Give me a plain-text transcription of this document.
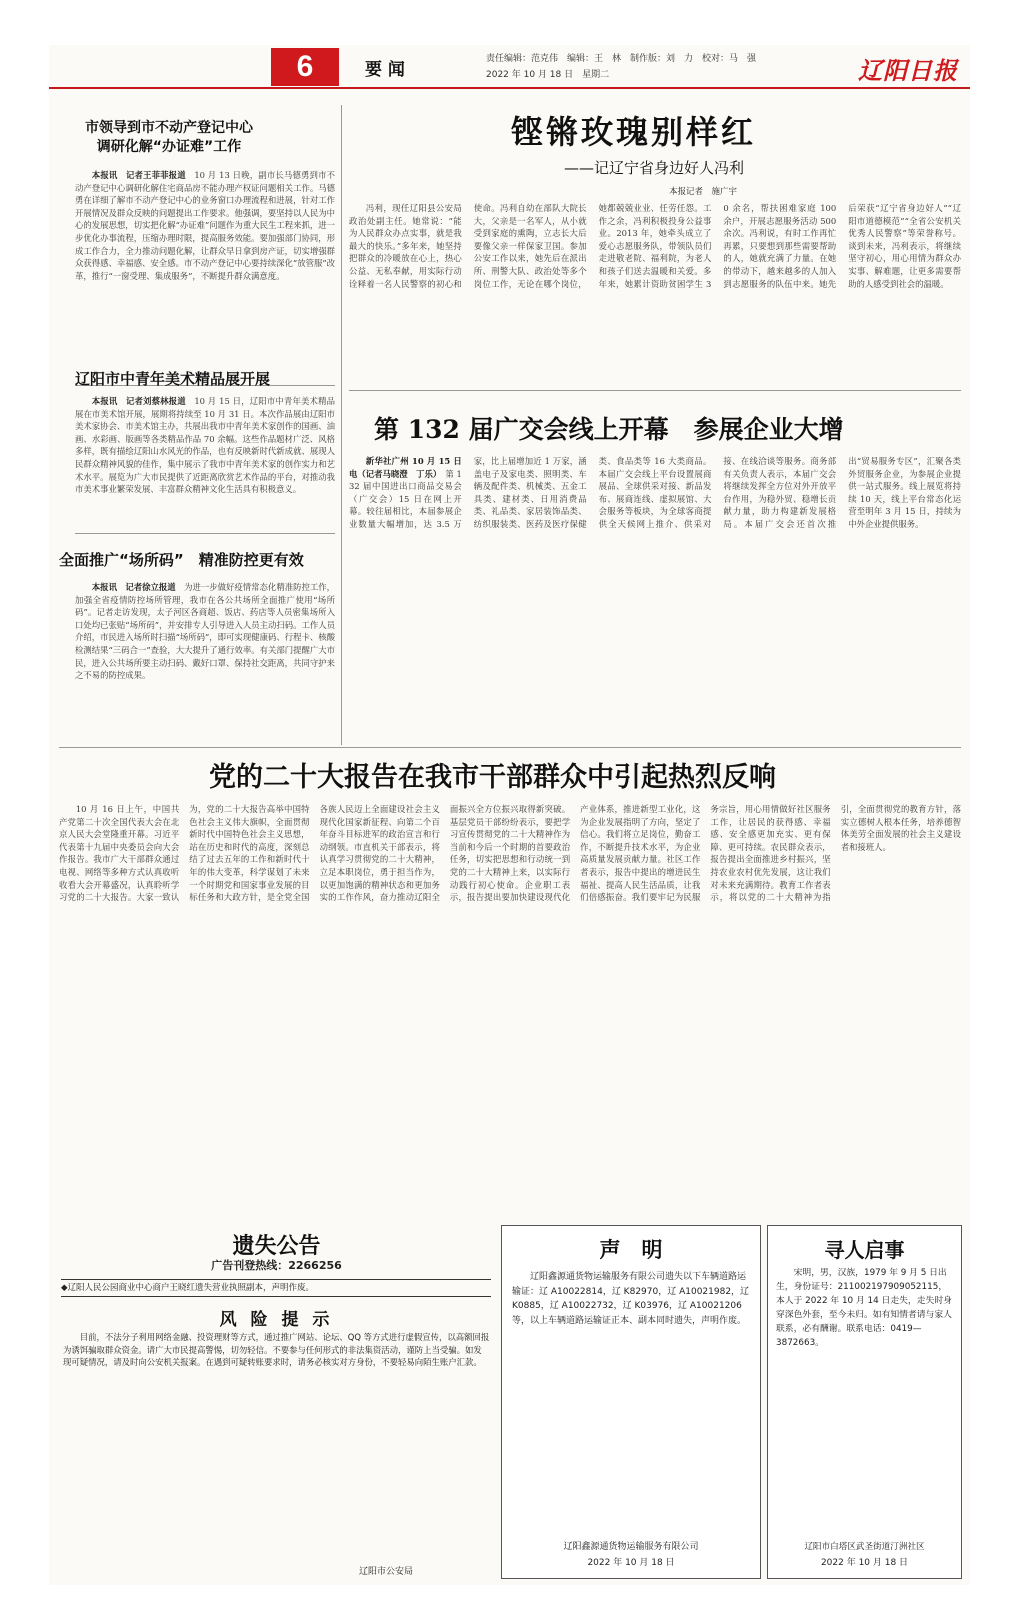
6	要 闻
责任编辑：范克伟　编辑：王　林　制作版：刘　力　校对：马　强
2022 年 10 月 18 日　星期二	辽阳日报
市领导到市不动产登记中心
调研化解“办证难”工作

本报讯　记者王菲菲报道　 10 月 13 日晚，副市长马德勇到市不动产登记中心调研化解住宅商品房不能办理产权证问题相关工作。马德勇在详细了解市不动产登记中心的业务窗口办理流程和进展，针对工作开展情况及群众反映的问题提出工作要求。他强调，要坚持以人民为中心的发展思想，切实把化解“办证难”问题作为重大民生工程来抓，进一步优化办事流程，压缩办理时限，提高服务效能。要加强部门协同，形成工作合力，全力推动问题化解，让群众早日拿到房产证，切实增强群众获得感、幸福感、安全感。市不动产登记中心要持续深化“放管服”改革，推行“一窗受理、集成服务”，不断提升群众满意度。

辽阳市中青年美术精品展开展

本报讯　记者刘蔡林报道　 10 月 15 日，辽阳市中青年美术精品展在市美术馆开展，展期将持续至 10 月 31 日。本次作品展由辽阳市美术家协会、市美术馆主办，共展出我市中青年美术家创作的国画、油画、水彩画、版画等各类精品作品 70 余幅。这些作品题材广泛、风格多样，既有描绘辽阳山水风光的作品，也有反映新时代新成就、展现人民群众精神风貌的佳作，集中展示了我市中青年美术家的创作实力和艺术水平。展览为广大市民提供了近距离欣赏艺术作品的平台，对推动我市美术事业繁荣发展、丰富群众精神文化生活具有积极意义。

全面推广“场所码”　精准防控更有效

本报讯　记者徐立报道　 为进一步做好疫情常态化精准防控工作，加强全省疫情防控场所管理，我市在各公共场所全面推广使用“场所码”。记者走访发现，太子河区各商超、饭店、药店等人员密集场所入口处均已张贴“场所码”，并安排专人引导进入人员主动扫码。工作人员介绍，市民进入场所时扫描“场所码”，即可实现健康码、行程卡、核酸检测结果“三码合一”查验，大大提升了通行效率。有关部门提醒广大市民，进入公共场所要主动扫码、戴好口罩、保持社交距离，共同守护来之不易的防控成果。

铿锵玫瑰别样红
——记辽宁省身边好人冯利
本报记者　施广宇

冯利，现任辽阳县公安局政治处副主任。她常说：“能为人民群众办点实事，就是我最大的快乐。”多年来，她坚持把群众的冷暖放在心上，热心公益、无私奉献，用实际行动诠释着一名人民警察的初心和使命。冯利自幼在部队大院长大，父亲是一名军人，从小就受到家庭的熏陶，立志长大后要像父亲一样保家卫国。参加公安工作以来，她先后在派出所、刑警大队、政治处等多个岗位工作，无论在哪个岗位，她都兢兢业业、任劳任怨。工作之余，冯利积极投身公益事业。2013 年，她牵头成立了爱心志愿服务队，带领队员们走进敬老院、福利院，为老人和孩子们送去温暖和关爱。多年来，她累计资助贫困学生 30 余名，帮扶困难家庭 100 余户，开展志愿服务活动 500 余次。冯利说，有时工作再忙再累，只要想到那些需要帮助的人，她就充满了力量。在她的带动下，越来越多的人加入到志愿服务的队伍中来。她先后荣获“辽宁省身边好人”“辽阳市道德模范”“全省公安机关优秀人民警察”等荣誉称号。谈到未来，冯利表示，将继续坚守初心，用心用情为群众办实事、解难题，让更多需要帮助的人感受到社会的温暖。

第 132 届广交会线上开幕　参展企业大增

新华社广州 10 月 15 日电（记者马晓澄　丁乐）　 第 132 届中国进出口商品交易会（广交会）15 日在网上开幕。较往届相比，本届参展企业数量大幅增加，达 3.5 万家，比上届增加近 1 万家，涵盖电子及家电类、照明类、车辆及配件类、机械类、五金工具类、建材类、日用消费品类、礼品类、家居装饰品类、纺织服装类、医药及医疗保健类、食品类等 16 大类商品。本届广交会线上平台设置展商展品、全球供采对接、新品发布、展商连线、虚拟展馆、大会服务等板块，为全球客商提供全天候网上推介、供采对接、在线洽谈等服务。商务部有关负责人表示，本届广交会将继续发挥全方位对外开放平台作用，为稳外贸、稳增长贡献力量，助力构建新发展格局。本届广交会还首次推出“贸易服务专区”，汇聚各类外贸服务企业，为参展企业提供一站式服务。线上展览将持续 10 天，线上平台常态化运营至明年 3 月 15 日，持续为中外企业提供服务。

党的二十大报告在我市干部群众中引起热烈反响

10 月 16 日上午，中国共产党第二十次全国代表大会在北京人民大会堂隆重开幕。习近平代表第十九届中央委员会向大会作报告。我市广大干部群众通过电视、网络等多种方式认真收听收看大会开幕盛况，认真聆听学习党的二十大报告。大家一致认为，党的二十大报告高举中国特色社会主义伟大旗帜，全面贯彻新时代中国特色社会主义思想，站在历史和时代的高度，深刻总结了过去五年的工作和新时代十年的伟大变革，科学谋划了未来一个时期党和国家事业发展的目标任务和大政方针，是全党全国各族人民迈上全面建设社会主义现代化国家新征程、向第二个百年奋斗目标进军的政治宣言和行动纲领。市直机关干部表示，将认真学习贯彻党的二十大精神，立足本职岗位，勇于担当作为，以更加饱满的精神状态和更加务实的工作作风，奋力推动辽阳全面振兴全方位振兴取得新突破。基层党员干部纷纷表示，要把学习宣传贯彻党的二十大精神作为当前和今后一个时期的首要政治任务，切实把思想和行动统一到党的二十大精神上来，以实际行动践行初心使命。企业职工表示，报告提出要加快建设现代化产业体系，推进新型工业化，这为企业发展指明了方向，坚定了信心。我们将立足岗位，勤奋工作，不断提升技术水平，为企业高质量发展贡献力量。社区工作者表示，报告中提出的增进民生福祉、提高人民生活品质，让我们倍感振奋。我们要牢记为民服务宗旨，用心用情做好社区服务工作，让居民的获得感、幸福感、安全感更加充实、更有保障、更可持续。农民群众表示，报告提出全面推进乡村振兴，坚持农业农村优先发展，这让我们对未来充满期待。教育工作者表示，将以党的二十大精神为指引，全面贯彻党的教育方针，落实立德树人根本任务，培养德智体美劳全面发展的社会主义建设者和接班人。

遗失公告
广告刊登热线：2266256
◆辽阳人民公园商业中心商户王晓红遗失营业执照副本，声明作废。
风 险 提 示
目前，不法分子利用网络金融、投资理财等方式，通过推广网站、论坛、QQ 等方式进行虚假宣传，以高额回报为诱饵骗取群众资金。请广大市民提高警惕，切勿轻信。不要参与任何形式的非法集资活动，谨防上当受骗。如发现可疑情况，请及时向公安机关报案。在遇到可疑转账要求时，请务必核实对方身份，不要轻易向陌生账户汇款。
辽阳市公安局
声　明
辽阳鑫源通货物运输服务有限公司遗失以下车辆道路运输证：辽 A10022814，辽 K82970，辽 A10021982，辽 K0885，辽 A10022732，辽 K03976，辽 A10021206 等，以上车辆道路运输证正本、副本同时遗失，声明作废。
辽阳鑫源通货物运输服务有限公司
2022 年 10 月 18 日
寻人启事
宋明，男，汉族，1979 年 9 月 5 日出生，身份证号：211002197909052115，本人于 2022 年 10 月 14 日走失，走失时身穿深色外套，至今未归。如有知情者请与家人联系，必有酬谢。联系电话：0419—3872663。
辽阳市白塔区武圣街道汀洲社区
2022 年 10 月 18 日
